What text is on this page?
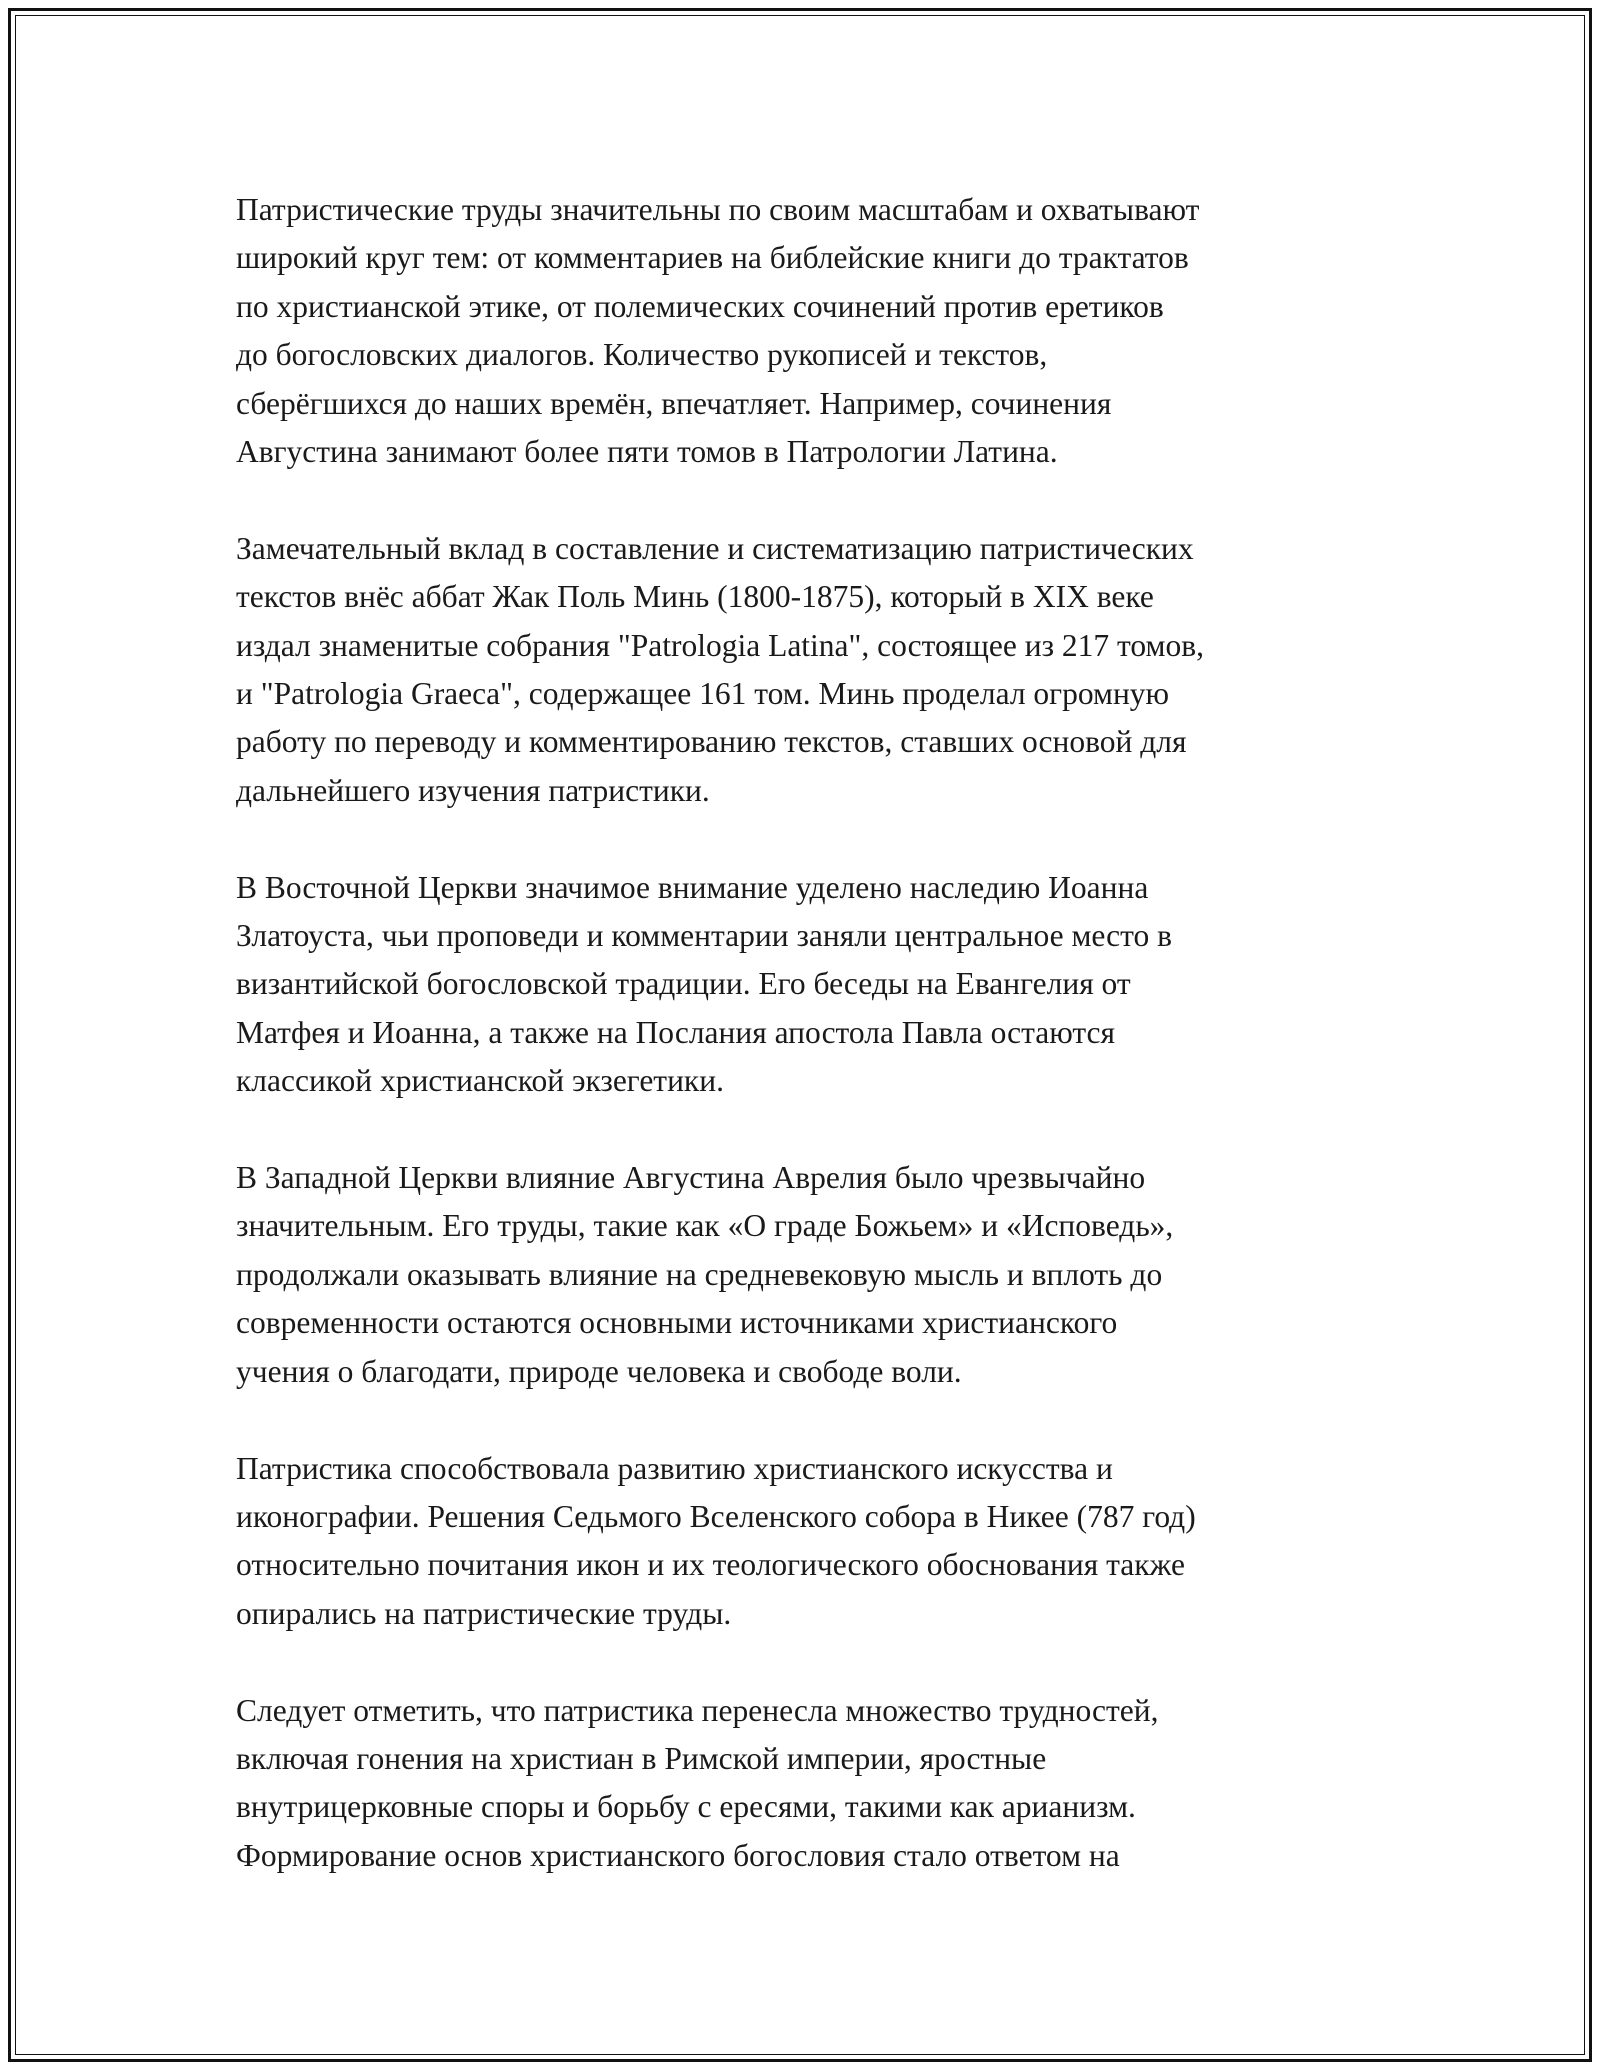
Патристические труды значительны по своим масштабам и охватывают
широкий круг тем: от комментариев на библейские книги до трактатов
по христианской этике, от полемических сочинений против еретиков
до богословских диалогов. Количество рукописей и текстов,
сберёгшихся до наших времён, впечатляет. Например, сочинения
Августина занимают более пяти томов в Патрологии Латина.

Замечательный вклад в составление и систематизацию патристических
текстов внёс аббат Жак Поль Минь (1800-1875), который в XIX веке
издал знаменитые собрания "Patrologia Latina", состоящее из 217 томов,
и "Patrologia Graeca", содержащее 161 том. Минь проделал огромную
работу по переводу и комментированию текстов, ставших основой для
дальнейшего изучения патристики.

В Восточной Церкви значимое внимание уделено наследию Иоанна
Златоуста, чьи проповеди и комментарии заняли центральное место в
византийской богословской традиции. Его беседы на Евангелия от
Матфея и Иоанна, а также на Послания апостола Павла остаются
классикой христианской экзегетики.

В Западной Церкви влияние Августина Аврелия было чрезвычайно
значительным. Его труды, такие как «О граде Божьем» и «Исповедь»,
продолжали оказывать влияние на средневековую мысль и вплоть до
современности остаются основными источниками христианского
учения о благодати, природе человека и свободе воли.

Патристика способствовала развитию христианского искусства и
иконографии. Решения Седьмого Вселенского собора в Никее (787 год)
относительно почитания икон и их теологического обоснования также
опирались на патристические труды.

Следует отметить, что патристика перенесла множество трудностей,
включая гонения на христиан в Римской империи, яростные
внутрицерковные споры и борьбу с ересями, такими как арианизм.
Формирование основ христианского богословия стало ответом на
